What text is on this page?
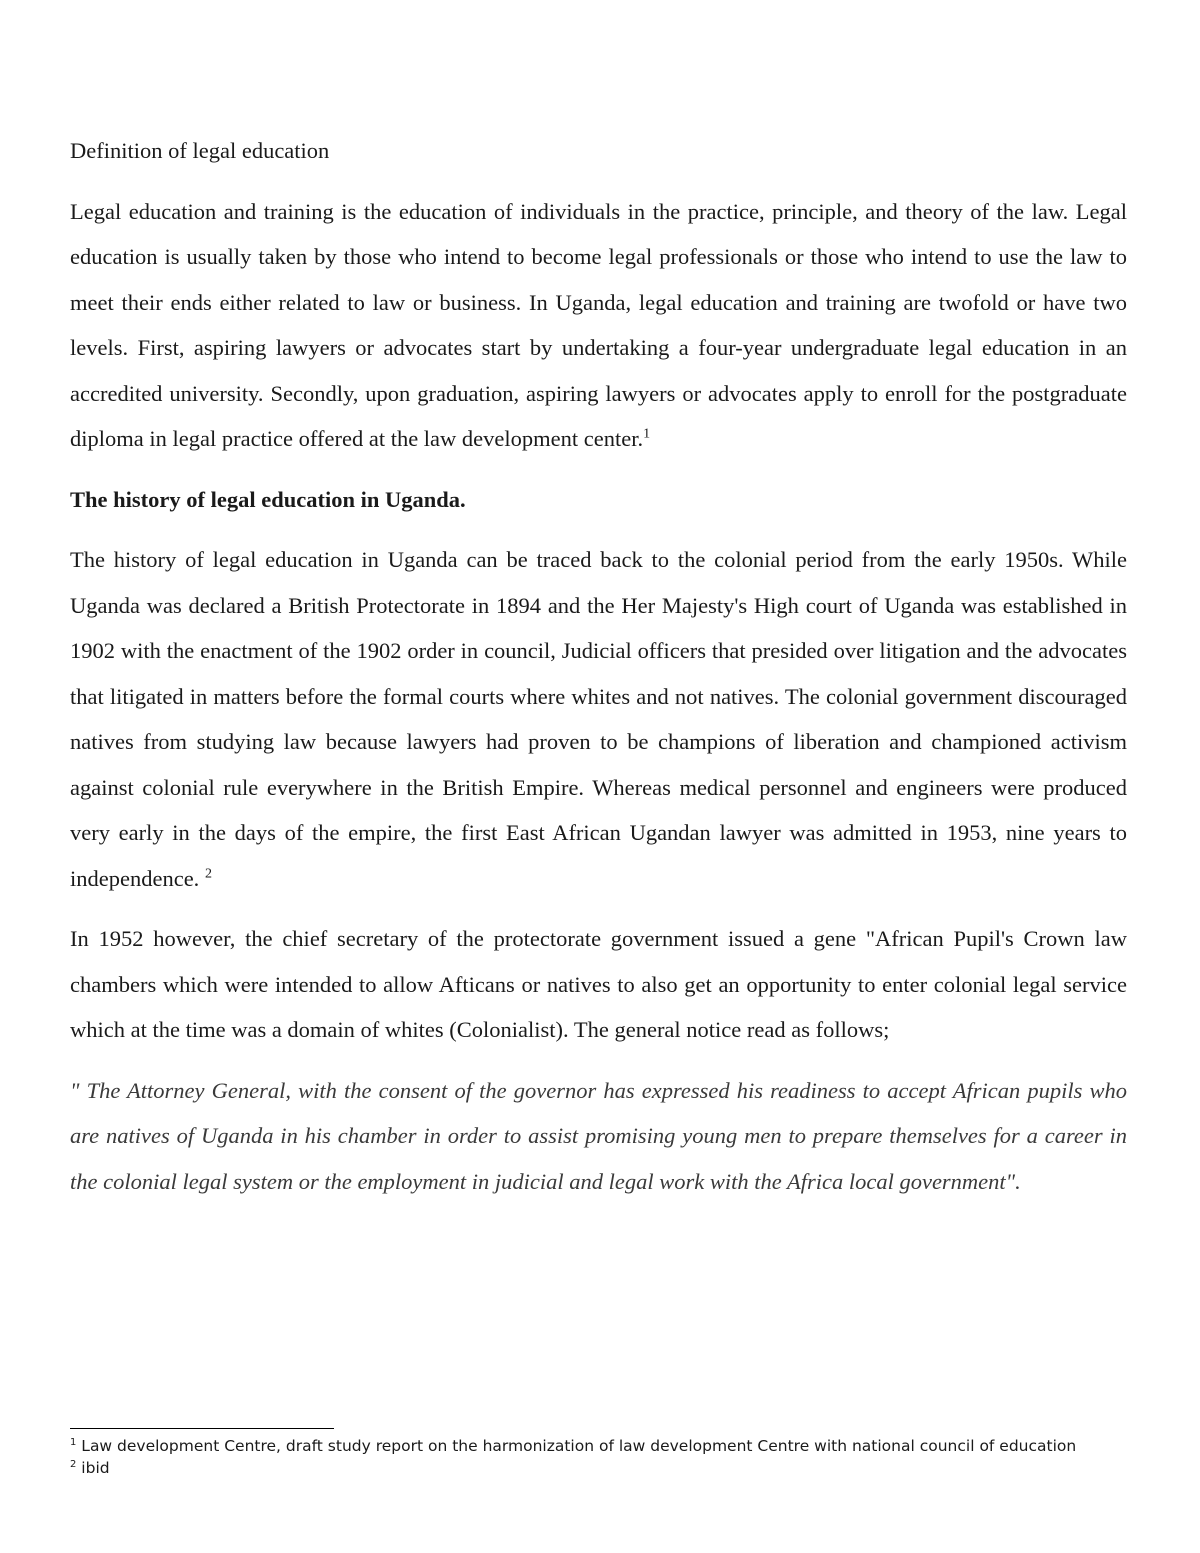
Definition of legal education

Legal education and training is the education of individuals in the practice, principle, and theory of the law. Legal education is usually taken by those who intend to become legal professionals or those who intend to use the law to meet their ends either related to law or business. In Uganda, legal education and training are twofold or have two levels. First, aspiring lawyers or advocates start by undertaking a four-year undergraduate legal education in an accredited university. Secondly, upon graduation, aspiring lawyers or advocates apply to enroll for the postgraduate diploma in legal practice offered at the law development center.$^1$

The history of legal education in Uganda.

The history of legal education in Uganda can be traced back to the colonial period from the early 1950s. While Uganda was declared a British Protectorate in 1894 and the Her Majesty's High court of Uganda was established in 1902 with the enactment of the 1902 order in council, Judicial officers that presided over litigation and the advocates that litigated in matters before the formal courts where whites and not natives. The colonial government discouraged natives from studying law because lawyers had proven to be champions of liberation and championed activism against colonial rule everywhere in the British Empire. Whereas medical personnel and engineers were produced very early in the days of the empire, the first East African Ugandan lawyer was admitted in 1953, nine years to independence. $^2$

In 1952 however, the chief secretary of the protectorate government issued a gene "African Pupil's Crown law chambers which were intended to allow Afticans or natives to also get an opportunity to enter colonial legal service which at the time was a domain of whites (Colonialist). The general notice read as follows;

" The Attorney General, with the consent of the governor has expressed his readiness to accept African pupils who are natives of Uganda in his chamber in order to assist promising young men to prepare themselves for a career in the colonial legal system or the employment in judicial and legal work with the Africa local government".

$^1$ Law development Centre, draft study report on the harmonization of law development Centre with national council of education

$^2$ ibid
